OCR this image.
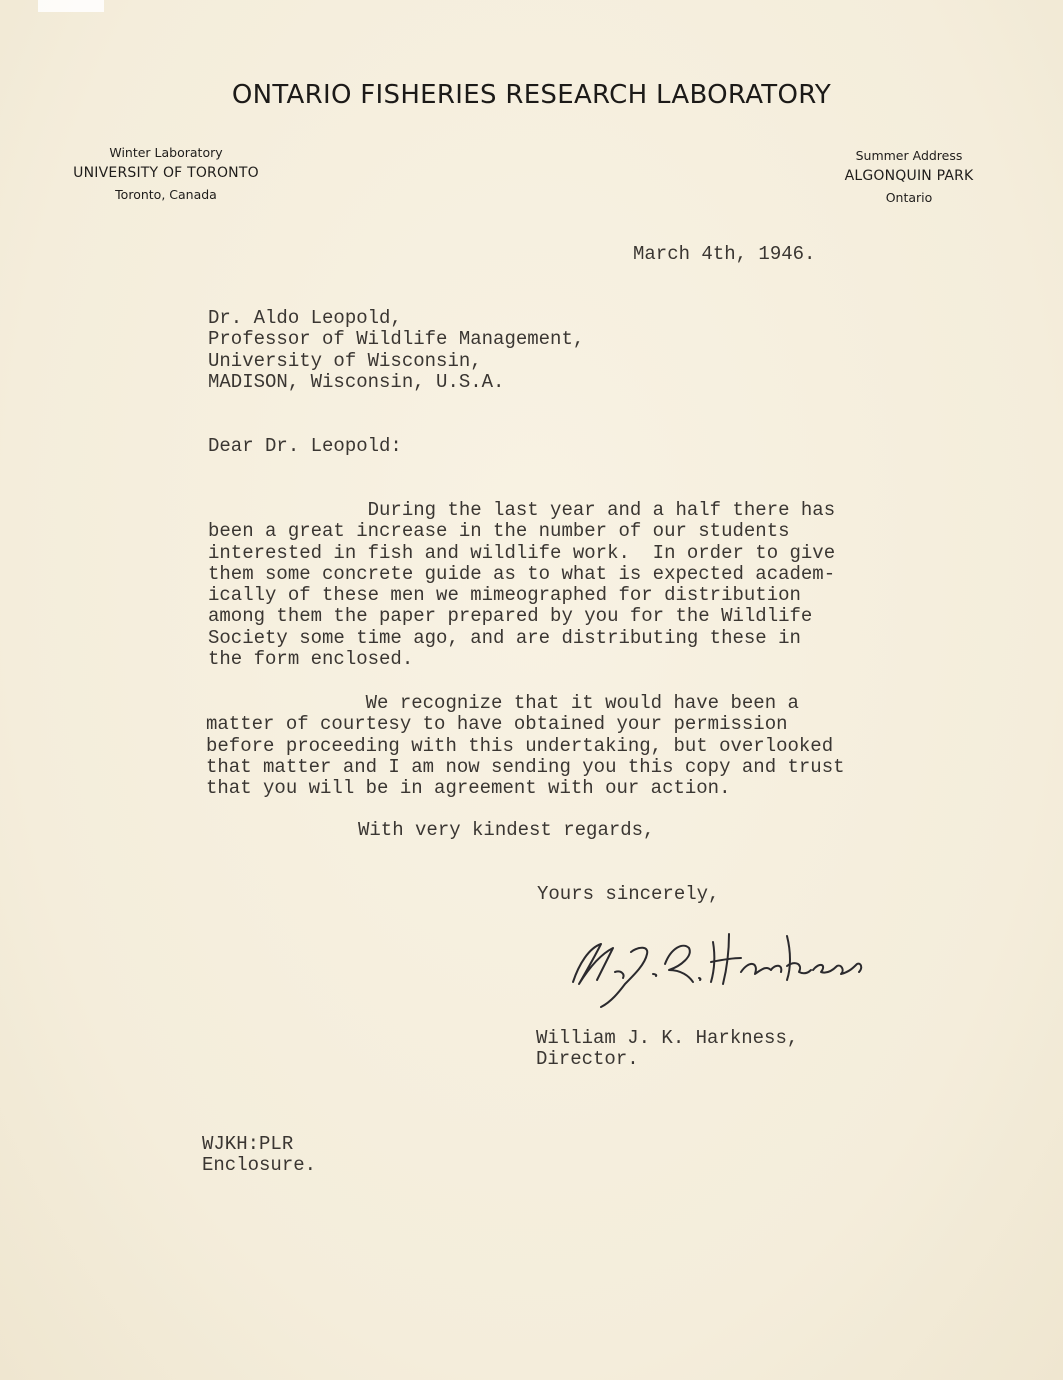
ONTARIO FISHERIES RESEARCH LABORATORY
Winter Laboratory
UNIVERSITY OF TORONTO
Toronto, Canada
Summer Address
ALGONQUIN PARK
Ontario
March 4th, 1946.
Dr. Aldo Leopold,
Professor of Wildlife Management,
University of Wisconsin,
MADISON, Wisconsin, U.S.A.
Dear Dr. Leopold:
During the last year and a half there has
been a great increase in the number of our students
interested in fish and wildlife work.  In order to give
them some concrete guide as to what is expected academ-
ically of these men we mimeographed for distribution
among them the paper prepared by you for the Wildlife
Society some time ago, and are distributing these in
the form enclosed.
We recognize that it would have been a
matter of courtesy to have obtained your permission
before proceeding with this undertaking, but overlooked
that matter and I am now sending you this copy and trust
that you will be in agreement with our action.
With very kindest regards,
Yours sincerely,
William J. K. Harkness,
Director.
WJKH:PLR
Enclosure.
